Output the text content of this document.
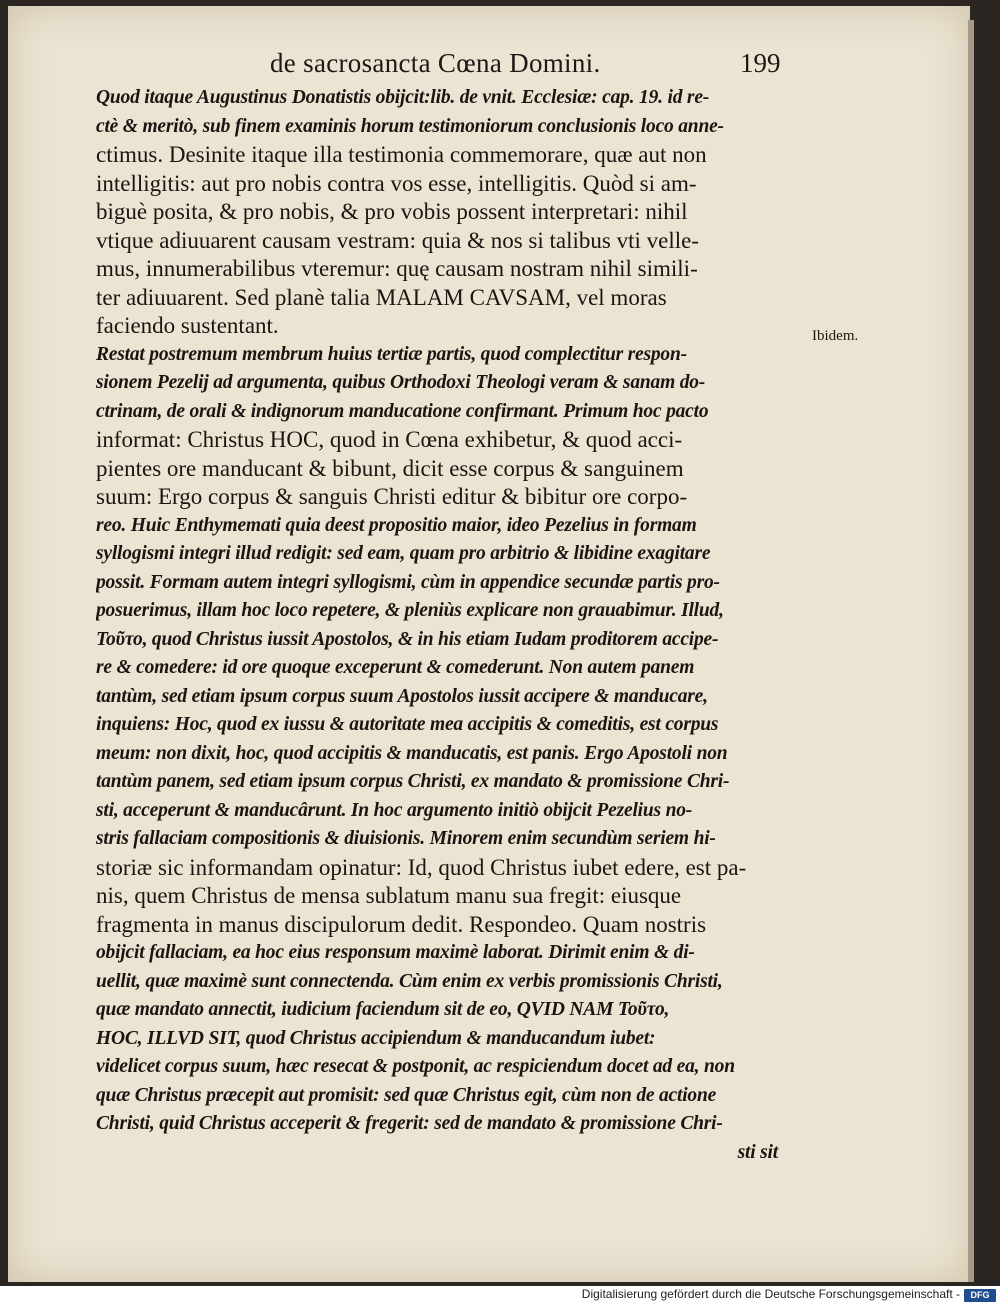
de sacrosancta Cœna Domini.	199
Ibidem.
Quod itaque Augustinus Donatistis obijcit:lib. de vnit. Ecclesiæ: cap. 19. id re-
ctè & meritò, sub finem examinis horum testimoniorum conclusionis loco anne-
ctimus. Desinite itaque illa testimonia commemorare, quæ aut non
intelligitis: aut pro nobis contra vos esse, intelligitis. Quòd si am-
biguè posita, & pro nobis, & pro vobis possent interpretari: nihil
vtique adiuuarent causam vestram: quia & nos si talibus vti velle-
mus, innumerabilibus vteremur: quę causam nostram nihil simili-
ter adiuuarent. Sed planè talia MALAM CAVSAM, vel moras
faciendo sustentant.
Restat postremum membrum huius tertiæ partis, quod complectitur respon-
sionem Pezelij ad argumenta, quibus Orthodoxi Theologi veram & sanam do-
ctrinam, de orali & indignorum manducatione confirmant. Primum hoc pacto
informat: Christus HOC, quod in Cœna exhibetur, & quod acci-
pientes ore manducant & bibunt, dicit esse corpus & sanguinem
suum: Ergo corpus & sanguis Christi editur & bibitur ore corpo-
reo. Huic Enthymemati quia deest propositio maior, ideo Pezelius in formam
syllogismi integri illud redigit: sed eam, quam pro arbitrio & libidine exagitare
possit. Formam autem integri syllogismi, cùm in appendice secundæ partis pro-
posuerimus, illam hoc loco repetere, & pleniùs explicare non grauabimur. Illud,
Τοῦτο, quod Christus iussit Apostolos, & in his etiam Iudam proditorem accipe-
re & comedere: id ore quoque exceperunt & comederunt. Non autem panem
tantùm, sed etiam ipsum corpus suum Apostolos iussit accipere & manducare,
inquiens: Hoc, quod ex iussu & autoritate mea accipitis & comeditis, est corpus
meum: non dixit, hoc, quod accipitis & manducatis, est panis. Ergo Apostoli non
tantùm panem, sed etiam ipsum corpus Christi, ex mandato & promissione Chri-
sti, acceperunt & manducârunt. In hoc argumento initiò obijcit Pezelius no-
stris fallaciam compositionis & diuisionis. Minorem enim secundùm seriem hi-
storiæ sic informandam opinatur: Id, quod Christus iubet edere, est pa-
nis, quem Christus de mensa sublatum manu sua fregit: eiusque
fragmenta in manus discipulorum dedit. Respondeo. Quam nostris
obijcit fallaciam, ea hoc eius responsum maximè laborat. Dirimit enim & di-
uellit, quæ maximè sunt connectenda. Cùm enim ex verbis promissionis Christi,
quæ mandato annectit, iudicium faciendum sit de eo, QVID NAM Τοῦτο,
HOC, ILLVD SIT, quod Christus accipiendum & manducandum iubet:
videlicet corpus suum, hæc resecat & postponit, ac respiciendum docet ad ea, non
quæ Christus præcepit aut promisit: sed quæ Christus egit, cùm non de actione
Christi, quid Christus acceperit & fregerit: sed de mandato & promissione Chri-
sti sit
Digitalisierung gefördert durch die Deutsche Forschungsgemeinschaft -	DFG
